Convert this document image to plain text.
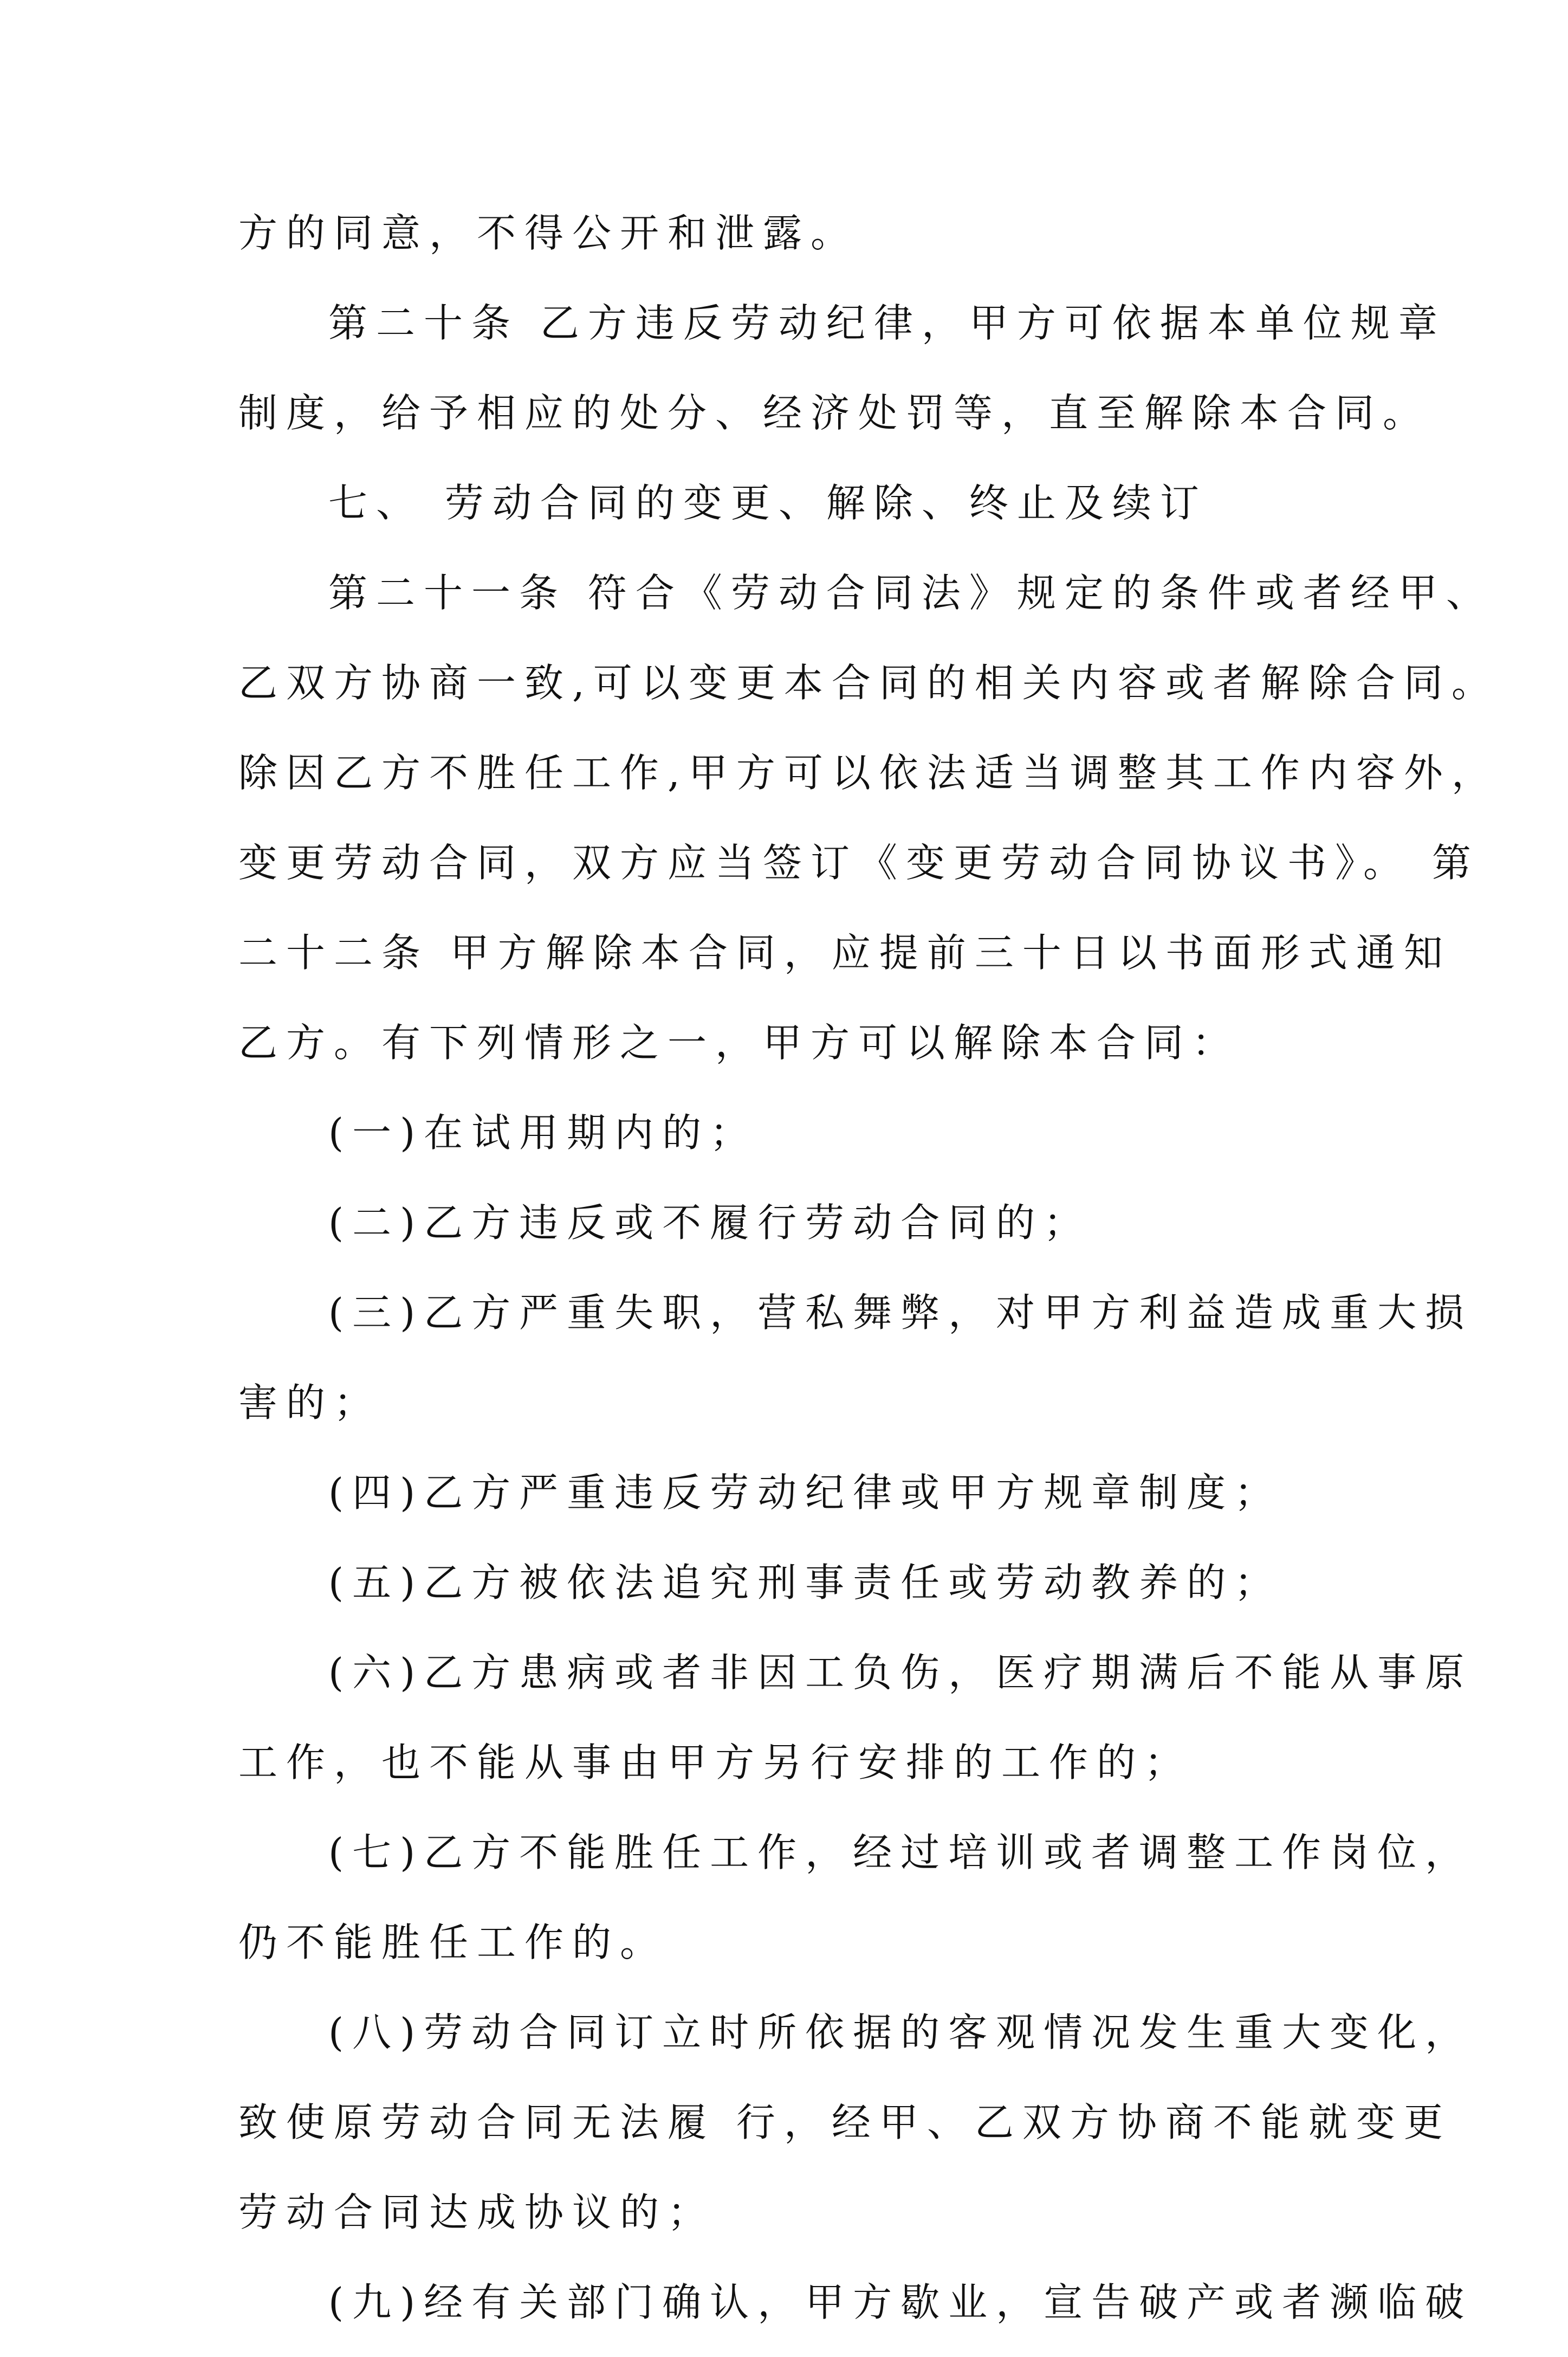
方的同意，不得公开和泄露。

第二十条 乙方违反劳动纪律，甲方可依据本单位规章

制度，给予相应的处分、经济处罚等，直至解除本合同。

七、 劳动合同的变更、解除、终止及续订

第二十一条 符合《劳动合同法》规定的条件或者经甲、

乙双方协商一致,可以变更本合同的相关内容或者解除合同。

除因乙方不胜任工作,甲方可以依法适当调整其工作内容外，

变更劳动合同，双方应当签订《变更劳动合同协议书》。 第

二十二条 甲方解除本合同，应提前三十日以书面形式通知

乙方。有下列情形之一，甲方可以解除本合同：

(一)在试用期内的；

(二)乙方违反或不履行劳动合同的；

(三)乙方严重失职，营私舞弊，对甲方利益造成重大损

害的；

(四)乙方严重违反劳动纪律或甲方规章制度；

(五)乙方被依法追究刑事责任或劳动教养的；

(六)乙方患病或者非因工负伤，医疗期满后不能从事原

工作，也不能从事由甲方另行安排的工作的；

(七)乙方不能胜任工作，经过培训或者调整工作岗位，

仍不能胜任工作的。

(八)劳动合同订立时所依据的客观情况发生重大变化，

致使原劳动合同无法履 行，经甲、乙双方协商不能就变更

劳动合同达成协议的；

(九)经有关部门确认，甲方歇业，宣告破产或者濒临破
